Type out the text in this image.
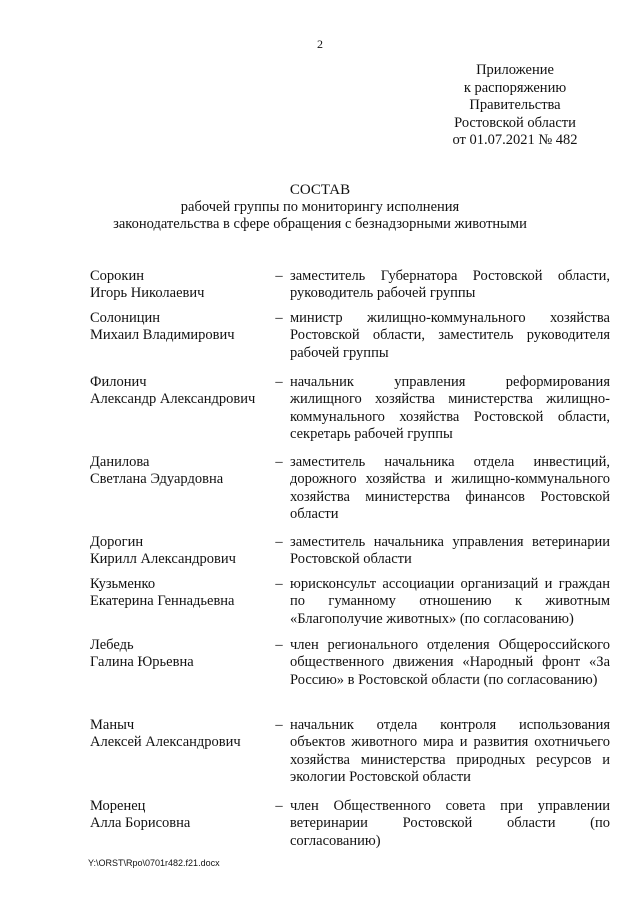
2
Приложение
к распоряжению
Правительства
Ростовской области
от 01.07.2021 № 482
СОСТАВ
рабочей группы по мониторингу исполнения
законодательства в сфере обращения с безнадзорными животными
Сорокин
Игорь Николаевич
– заместитель Губернатора Ростовской области, руководитель рабочей группы
Солоницин
Михаил Владимирович
– министр жилищно-коммунального хозяйства Ростовской области, заместитель руководителя рабочей группы
Филонич
Александр Александрович
– начальник управления реформирования жилищного хозяйства министерства жилищно-коммунального хозяйства Ростовской области, секретарь рабочей группы
Данилова
Светлана Эдуардовна
– заместитель начальника отдела инвестиций, дорожного хозяйства и жилищно-коммунального хозяйства министерства финансов Ростовской области
Дорогин
Кирилл Александрович
– заместитель начальника управления ветеринарии Ростовской области
Кузьменко
Екатерина Геннадьевна
– юрисконсульт ассоциации организаций и граждан по гуманному отношению к животным «Благополучие животных» (по согласованию)
Лебедь
Галина Юрьевна
– член регионального отделения Общероссийского общественного движения «Народный фронт «За Россию» в Ростовской области (по согласованию)
Маныч
Алексей Александрович
– начальник отдела контроля использования объектов животного мира и развития охотничьего хозяйства министерства природных ресурсов и экологии Ростовской области
Моренец
Алла Борисовна
– член Общественного совета при управлении ветеринарии Ростовской области (по согласованию)
Y:\ORST\Rpo\0701r482.f21.docx
